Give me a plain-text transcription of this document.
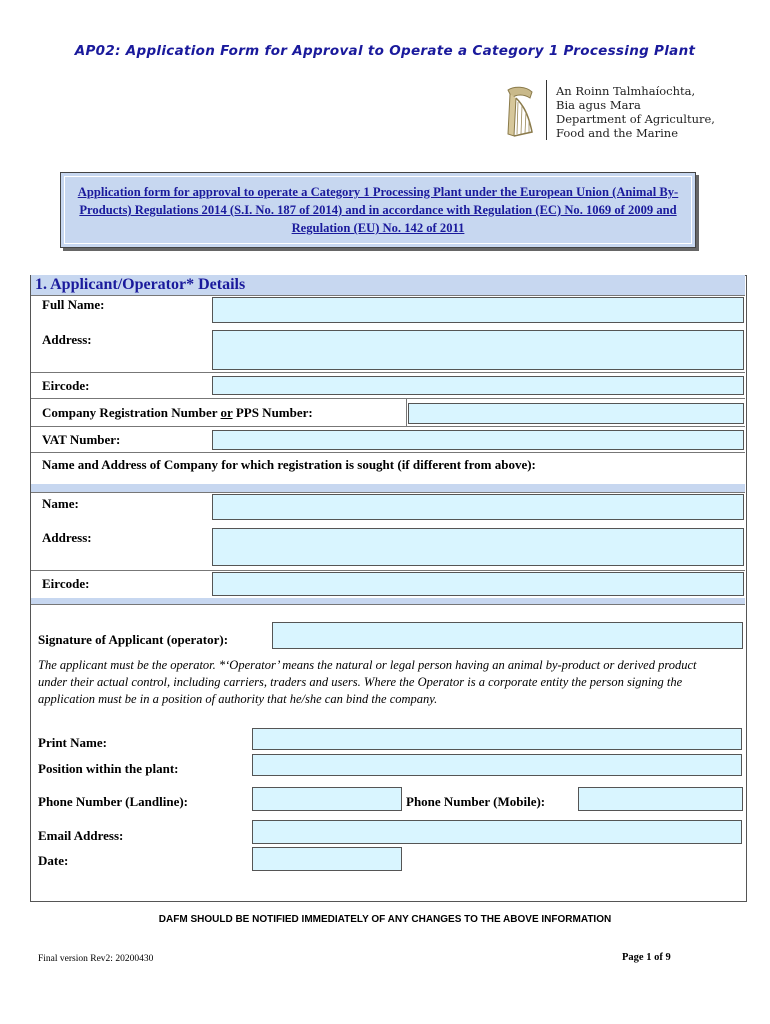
AP02: Application Form for Approval to Operate a Category 1 Processing Plant
An Roinn Talmhaíochta,
Bia agus Mara
Department of Agriculture,
Food and the Marine
Application form for approval to operate a Category 1 Processing Plant under the European Union (Animal By-Products) Regulations 2014 (S.I. No. 187 of 2014) and in accordance with Regulation (EC) No. 1069 of 2009 and Regulation (EU) No. 142 of 2011
1. Applicant/Operator* Details
Full Name:
Address:
Eircode:
Company Registration Number or PPS Number:
VAT Number:
Name and Address of Company for which registration is sought (if different from above):
Name:
Address:
Eircode:
Signature of Applicant (operator):
The applicant must be the operator. *‘Operator’ means the natural or legal person having an animal by-product or derived product under their actual control, including carriers, traders and users. Where the Operator is a corporate entity the person signing the application must be in a position of authority that he/she can bind the company.
Print Name:
Position within the plant:
Phone Number (Landline):	Phone Number (Mobile):
Email Address:
Date:
DAFM SHOULD BE NOTIFIED IMMEDIATELY OF ANY CHANGES TO THE ABOVE INFORMATION
Final version Rev2: 20200430	Page 1 of 9
